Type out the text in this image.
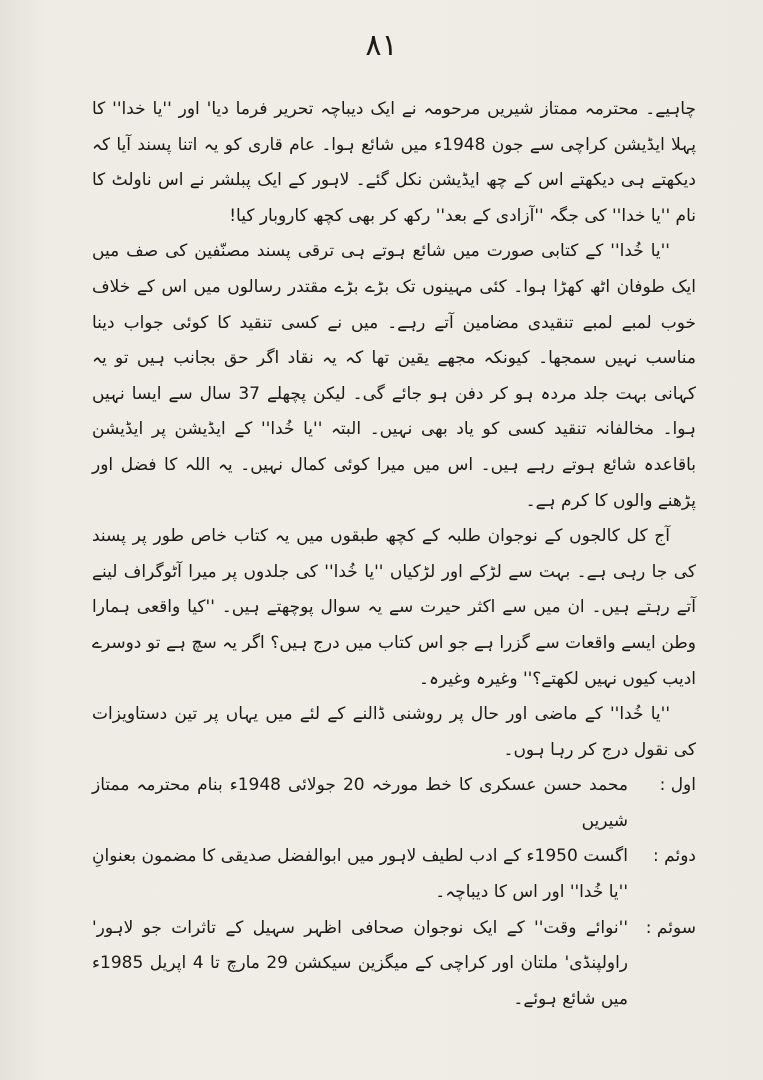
٨١

چاہیے۔ محترمہ ممتاز شیریں مرحومہ نے ایک دیباچہ تحریر فرما دیا' اور ''یا خدا'' کا پہلا ایڈیشن کراچی سے جون 1948ء میں شائع ہوا۔ عام قاری کو یہ اتنا پسند آیا کہ دیکھتے ہی دیکھتے اس کے چھ ایڈیشن نکل گئے۔ لاہور کے ایک پبلشر نے اس ناولٹ کا نام ''یا خدا'' کی جگہ ''آزادی کے بعد'' رکھ کر بھی کچھ کاروبار کیا!

''یا خُدا'' کے کتابی صورت میں شائع ہوتے ہی ترقی پسند مصنّفین کی صف میں ایک طوفان اٹھ کھڑا ہوا۔ کئی مہینوں تک بڑے بڑے مقتدر رسالوں میں اس کے خلاف خوب لمبے لمبے تنقیدی مضامین آتے رہے۔ میں نے کسی تنقید کا کوئی جواب دینا مناسب نہیں سمجھا۔ کیونکہ مجھے یقین تھا کہ یہ نقاد اگر حق بجانب ہیں تو یہ کہانی بہت جلد مردہ ہو کر دفن ہو جائے گی۔ لیکن پچھلے 37 سال سے ایسا نہیں ہوا۔ مخالفانہ تنقید کسی کو یاد بھی نہیں۔ البتہ ''یا خُدا'' کے ایڈیشن پر ایڈیشن باقاعدہ شائع ہوتے رہے ہیں۔ اس میں میرا کوئی کمال نہیں۔ یہ اللہ کا فضل اور پڑھنے والوں کا کرم ہے۔

آج کل کالجوں کے نوجوان طلبہ کے کچھ طبقوں میں یہ کتاب خاص طور پر پسند کی جا رہی ہے۔ بہت سے لڑکے اور لڑکیاں ''یا خُدا'' کی جلدوں پر میرا آٹوگراف لینے آتے رہتے ہیں۔ ان میں سے اکثر حیرت سے یہ سوال پوچھتے ہیں۔ ''کیا واقعی ہمارا وطن ایسے واقعات سے گزرا ہے جو اس کتاب میں درج ہیں؟ اگر یہ سچ ہے تو دوسرے ادیب کیوں نہیں لکھتے؟'' وغیرہ وغیرہ۔

''یا خُدا'' کے ماضی اور حال پر روشنی ڈالنے کے لئے میں یہاں پر تین دستاویزات کی نقول درج کر رہا ہوں۔

اول :
محمد حسن عسکری کا خط مورخہ 20 جولائی 1948ء بنام محترمہ ممتاز شیریں
دوئم :
اگست 1950ء کے ادب لطیف لاہور میں ابوالفضل صدیقی کا مضمون بعنوانِ ''یا خُدا'' اور اس کا دیباچہ۔
سوئم :
''نوائے وقت'' کے ایک نوجوان صحافی اظہر سہیل کے تاثرات جو لاہور' راولپنڈی' ملتان اور کراچی کے میگزین سیکشن 29 مارچ تا 4 اپریل 1985ء میں شائع ہوئے۔
